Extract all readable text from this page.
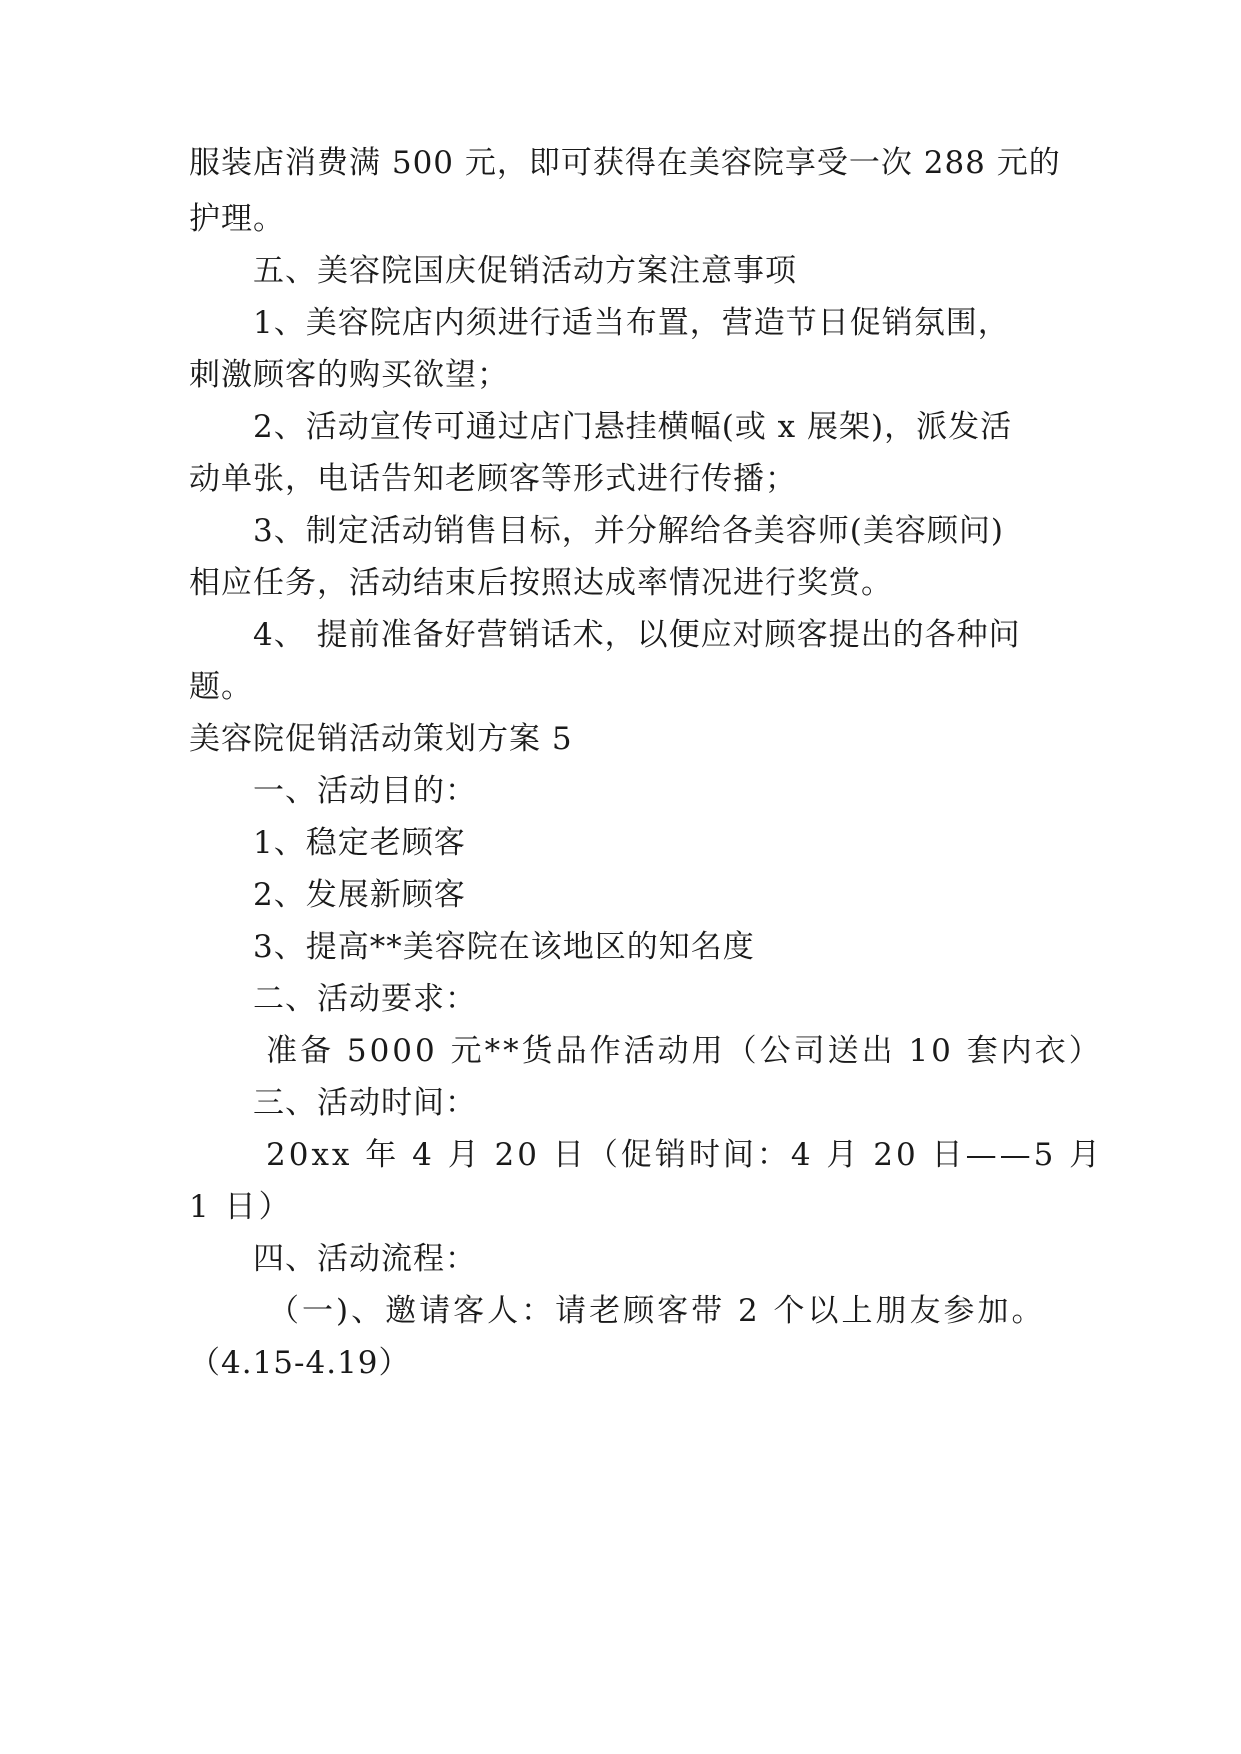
服装店消费满 500 元，即可获得在美容院享受一次 288 元的

护理。

五、美容院国庆促销活动方案注意事项

1、美容院店内须进行适当布置，营造节日促销氛围，

刺激顾客的购买欲望；

2、活动宣传可通过店门悬挂横幅(或 x 展架)，派发活

动单张，电话告知老顾客等形式进行传播；

3、制定活动销售目标，并分解给各美容师(美容顾问)

相应任务，活动结束后按照达成率情况进行奖赏。

4、 提前准备好营销话术，以便应对顾客提出的各种问

题。

美容院促销活动策划方案 5

一、活动目的：

1、稳定老顾客

2、发展新顾客

3、提高**美容院在该地区的知名度

二、活动要求：

准备 5000 元**货品作活动用（公司送出 10 套内衣）

三、活动时间：

20xx 年 4 月 20 日（促销时间：4 月 20 日——5 月

1 日）

四、活动流程：

（一)、邀请客人：请老顾客带 2 个以上朋友参加。

（4.15-4.19）
